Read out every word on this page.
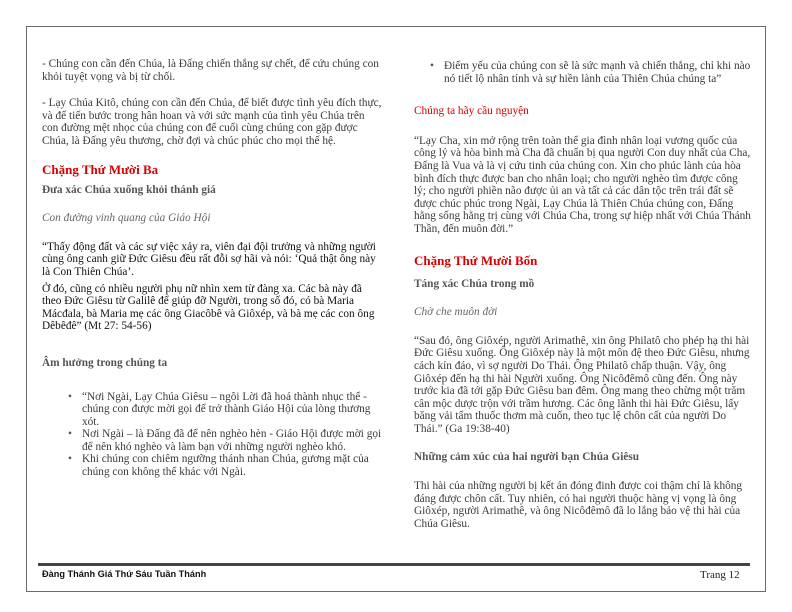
- Chúng con cần đến Chúa, là Đấng chiến thắng sự chết, để cứu chúng con khỏi tuyệt vọng và bị từ chối.

- Lạy Chúa Kitô, chúng con cần đến Chúa, để biết được tình yêu đích thực, và để tiến bước trong hân hoan và với sức mạnh của tình yêu Chúa trên con đường mệt nhọc của chúng con để cuối cùng chúng con gặp được Chúa, là Đấng yêu thương, chờ đợi và chúc phúc cho mọi thế hệ.

Chặng Thứ Mười Ba

Đưa xác Chúa xuống khỏi thánh giá

Con đường vinh quang của Giáo Hội

“Thấy động đất và các sự việc xảy ra, viên đại đội trưởng và những người cùng ông canh giữ Đức Giêsu đều rất đỗi sợ hãi và nói: ‘Quả thật ông này là Con Thiên Chúa’.

Ở đó, cũng có nhiều người phụ nữ nhìn xem từ đàng xa. Các bà này đã theo Đức Giêsu từ Galilê để giúp đỡ Người, trong số đó, có bà Maria Mácđala, bà Maria mẹ các ông Giacôbê và Giôxép, và bà mẹ các con ông Dêbêđê” (Mt 27: 54-56)

Âm hưởng trong chúng ta

• “Nơi Ngài, Lạy Chúa Giêsu – ngôi Lời đã hoá thành nhục thể - chúng con được mời gọi để trở thành Giáo Hội của lòng thương xót.
• Nơi Ngài – là Đấng đã để nên nghèo hèn - Giáo Hội được mời gọi để nên khó nghèo và làm bạn với những người nghèo khó.
• Khi chúng con chiêm ngưỡng thánh nhan Chúa, gương mặt của chúng con không thể khác với Ngài.
• Điểm yếu của chúng con sẽ là sức mạnh và chiến thắng, chỉ khi nào nó tiết lộ nhân tính và sự hiền lành của Thiên Chúa chúng ta”

Chúng ta hãy cầu nguyện

“Lạy Cha, xin mở rộng trên toàn thể gia đình nhân loại vương quốc của công lý và hòa bình mà Cha đã chuẩn bị qua người Con duy nhất của Cha, Đấng là Vua và là vị cứu tinh của chúng con. Xin cho phúc lành của hòa bình đích thực được ban cho nhân loại; cho người nghèo tìm được công lý; cho người phiền não được ủi an và tất cả các dân tộc trên trái đất sẽ được chúc phúc trong Ngài, Lạy Chúa là Thiên Chúa chúng con, Đấng hằng sống hằng trị cùng với Chúa Cha, trong sự hiệp nhất với Chúa Thánh Thần, đến muôn đời.”

Chặng Thứ Mười Bốn

Táng xác Chúa trong mồ

Chờ che muôn đời

“Sau đó, ông Giôxép, người Arimathê, xin ông Philatô cho phép hạ thi hài Đức Giêsu xuống. Ông Giôxép này là một môn đệ theo Đức Giêsu, nhưng cách kín đáo, vì sợ người Do Thái. Ông Philatô chấp thuận. Vậy, ông Giôxép đến hạ thi hài Người xuống. Ông Nicôđêmô cũng đến. Ông này trước kia đã tới gặp Đức Giêsu ban đêm. Ông mang theo chừng một trăm cân mộc dược trộn với trầm hương. Các ông lãnh thi hài Đức Giêsu, lấy băng vải tẩm thuốc thơm mà cuốn, theo tục lệ chôn cất của người Do Thái.” (Ga 19:38-40)

Những cảm xúc của hai người bạn Chúa Giêsu

Thi hài của những người bị kết án đóng đinh được coi thậm chí là không đáng được chôn cất. Tuy nhiên, có hai người thuộc hàng vị vọng là ông Giôxép, người Arimathê, và ông Nicôđêmô đã lo lắng bảo vệ thi hài của Chúa Giêsu.

Đàng Thánh Giá Thứ Sáu Tuần Thánh	Trang 12
